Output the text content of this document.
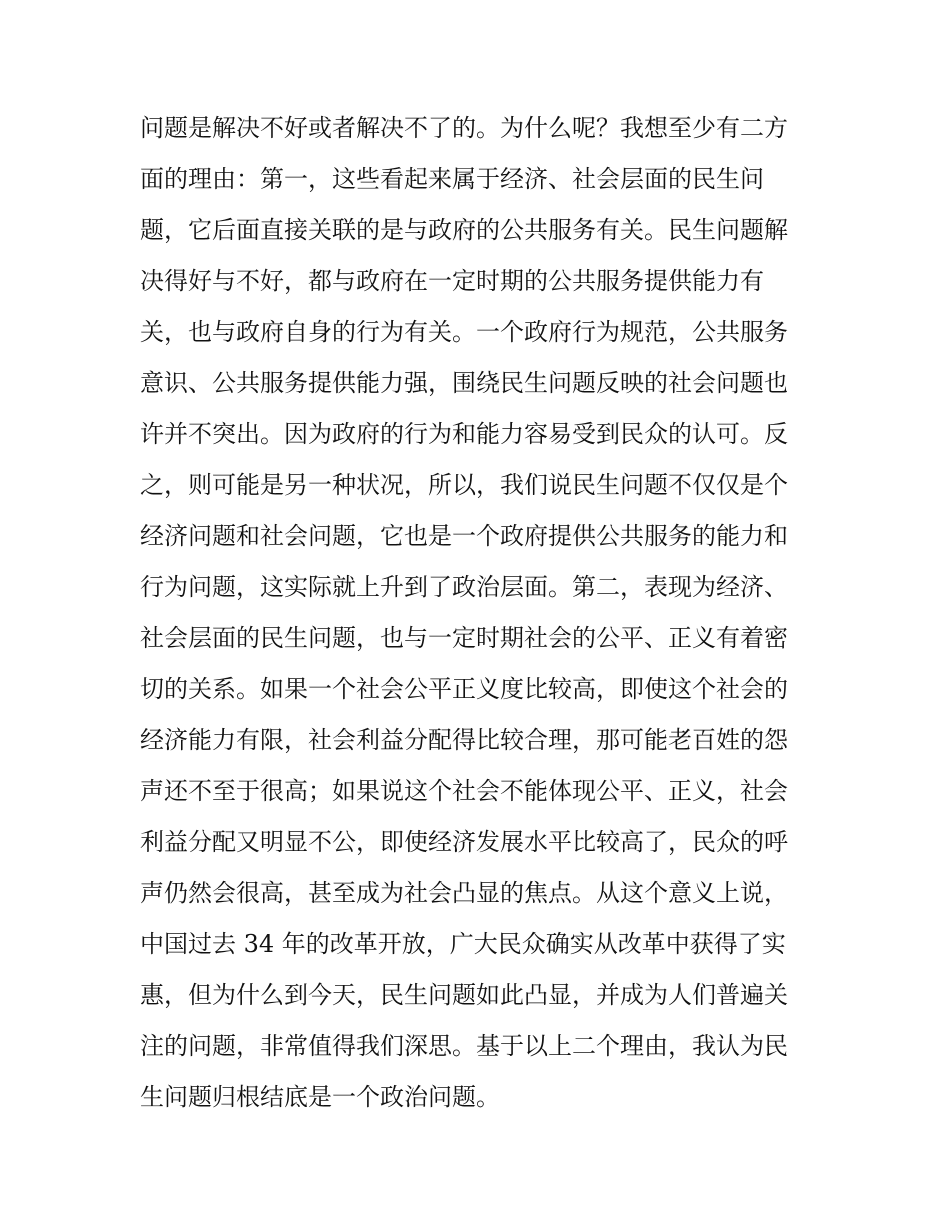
问题是解决不好或者解决不了的。为什么呢？我想至少有二方
面的理由：第一，这些看起来属于经济、社会层面的民生问
题，它后面直接关联的是与政府的公共服务有关。民生问题解
决得好与不好，都与政府在一定时期的公共服务提供能力有
关，也与政府自身的行为有关。一个政府行为规范，公共服务
意识、公共服务提供能力强，围绕民生问题反映的社会问题也
许并不突出。因为政府的行为和能力容易受到民众的认可。反
之，则可能是另一种状况，所以，我们说民生问题不仅仅是个
经济问题和社会问题，它也是一个政府提供公共服务的能力和
行为问题，这实际就上升到了政治层面。第二，表现为经济、
社会层面的民生问题，也与一定时期社会的公平、正义有着密
切的关系。如果一个社会公平正义度比较高，即使这个社会的
经济能力有限，社会利益分配得比较合理，那可能老百姓的怨
声还不至于很高；如果说这个社会不能体现公平、正义，社会
利益分配又明显不公，即使经济发展水平比较高了，民众的呼
声仍然会很高，甚至成为社会凸显的焦点。从这个意义上说，
中国过去 34 年的改革开放，广大民众确实从改革中获得了实
惠，但为什么到今天，民生问题如此凸显，并成为人们普遍关
注的问题，非常值得我们深思。基于以上二个理由，我认为民
生问题归根结底是一个政治问题。
